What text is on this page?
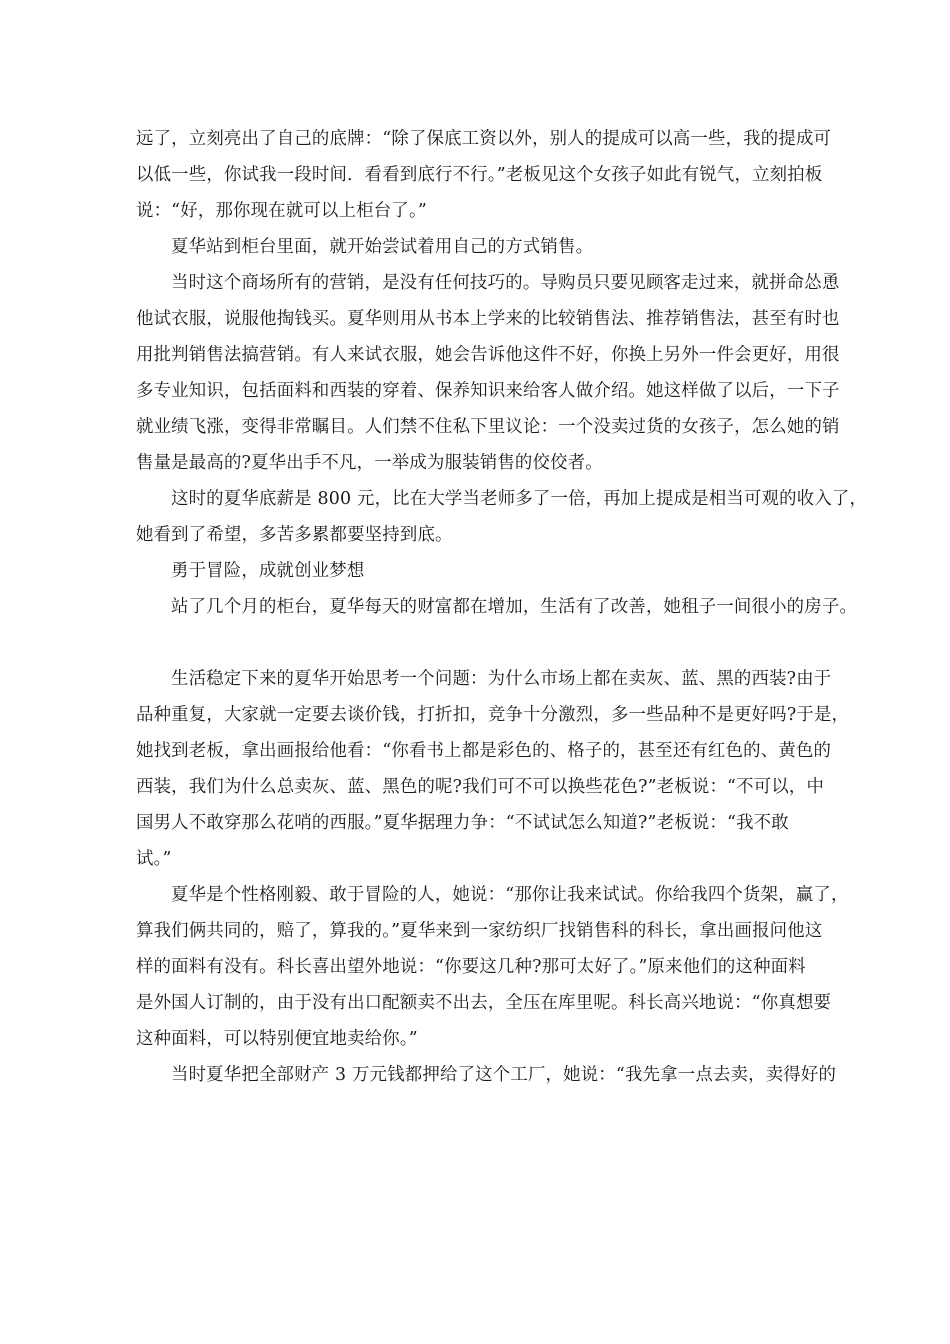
远了，立刻亮出了自己的底牌：“除了保底工资以外，别人的提成可以高一些，我的提成可
以低一些，你试我一段时间．看看到底行不行。”老板见这个女孩子如此有锐气，立刻拍板
说：“好，那你现在就可以上柜台了。”
夏华站到柜台里面，就开始尝试着用自己的方式销售。
当时这个商场所有的营销，是没有任何技巧的。导购员只要见顾客走过来，就拼命怂恿
他试衣服，说服他掏钱买。夏华则用从书本上学来的比较销售法、推荐销售法，甚至有时也
用批判销售法搞营销。有人来试衣服，她会告诉他这件不好，你换上另外一件会更好，用很
多专业知识，包括面料和西装的穿着、保养知识来给客人做介绍。她这样做了以后，一下子
就业绩飞涨，变得非常瞩目。人们禁不住私下里议论：一个没卖过货的女孩子，怎么她的销
售量是最高的?夏华出手不凡，一举成为服装销售的佼佼者。
这时的夏华底薪是 800 元，比在大学当老师多了一倍，再加上提成是相当可观的收入了，
她看到了希望，多苦多累都要坚持到底。
勇于冒险，成就创业梦想
站了几个月的柜台，夏华每天的财富都在增加，生活有了改善，她租子一间很小的房子。
生活稳定下来的夏华开始思考一个问题：为什么市场上都在卖灰、蓝、黑的西装?由于
品种重复，大家就一定要去谈价钱，打折扣，竞争十分激烈，多一些品种不是更好吗?于是，
她找到老板，拿出画报给他看：“你看书上都是彩色的、格子的，甚至还有红色的、黄色的
西装，我们为什么总卖灰、蓝、黑色的呢?我们可不可以换些花色?”老板说：“不可以，中
国男人不敢穿那么花哨的西服。”夏华据理力争：“不试试怎么知道?”老板说：“我不敢
试。”
夏华是个性格刚毅、敢于冒险的人，她说：“那你让我来试试。你给我四个货架，赢了，
算我们俩共同的，赔了，算我的。”夏华来到一家纺织厂找销售科的科长，拿出画报问他这
样的面料有没有。科长喜出望外地说：“你要这几种?那可太好了。”原来他们的这种面料
是外国人订制的，由于没有出口配额卖不出去，全压在库里呢。科长高兴地说：“你真想要
这种面料，可以特别便宜地卖给你。”
当时夏华把全部财产 3 万元钱都押给了这个工厂，她说：“我先拿一点去卖，卖得好的
